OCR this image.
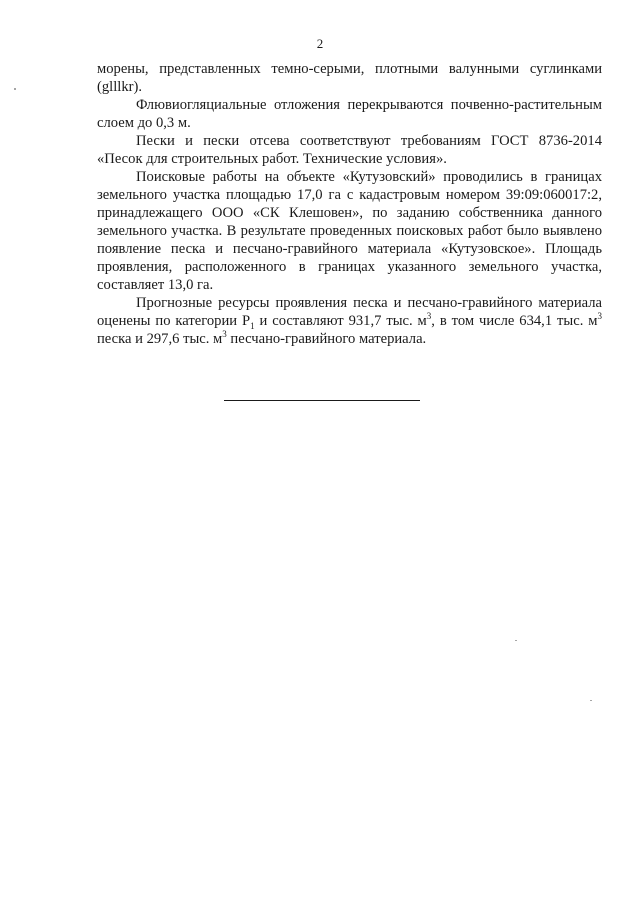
2

морены, представленных темно-серыми, плотными валунными суглинками (glllkr).

Флювиогляциальные отложения перекрываются почвенно-растительным слоем до 0,3 м.

Пески и пески отсева соответствуют требованиям ГОСТ 8736-2014 «Песок для строительных работ. Технические условия».

Поисковые работы на объекте «Кутузовский» проводились в границах земельного участка площадью 17,0 га с кадастровым номером 39:09:060017:2, принадлежащего ООО «СК Клешовен», по заданию собственника данного земельного участка. В результате проведенных поисковых работ было выявлено появление песка и песчано-гравийного материала «Кутузовское». Площадь проявления, расположенного в границах указанного земельного участка, составляет 13,0 га.

Прогнозные ресурсы проявления песка и песчано-гравийного материала оценены по категории $Р_1$ и составляют 931,7 тыс. $м^3$, в том числе 634,1 тыс. $м^3$ песка и 297,6 тыс. $м^3$ песчано-гравийного материала.
